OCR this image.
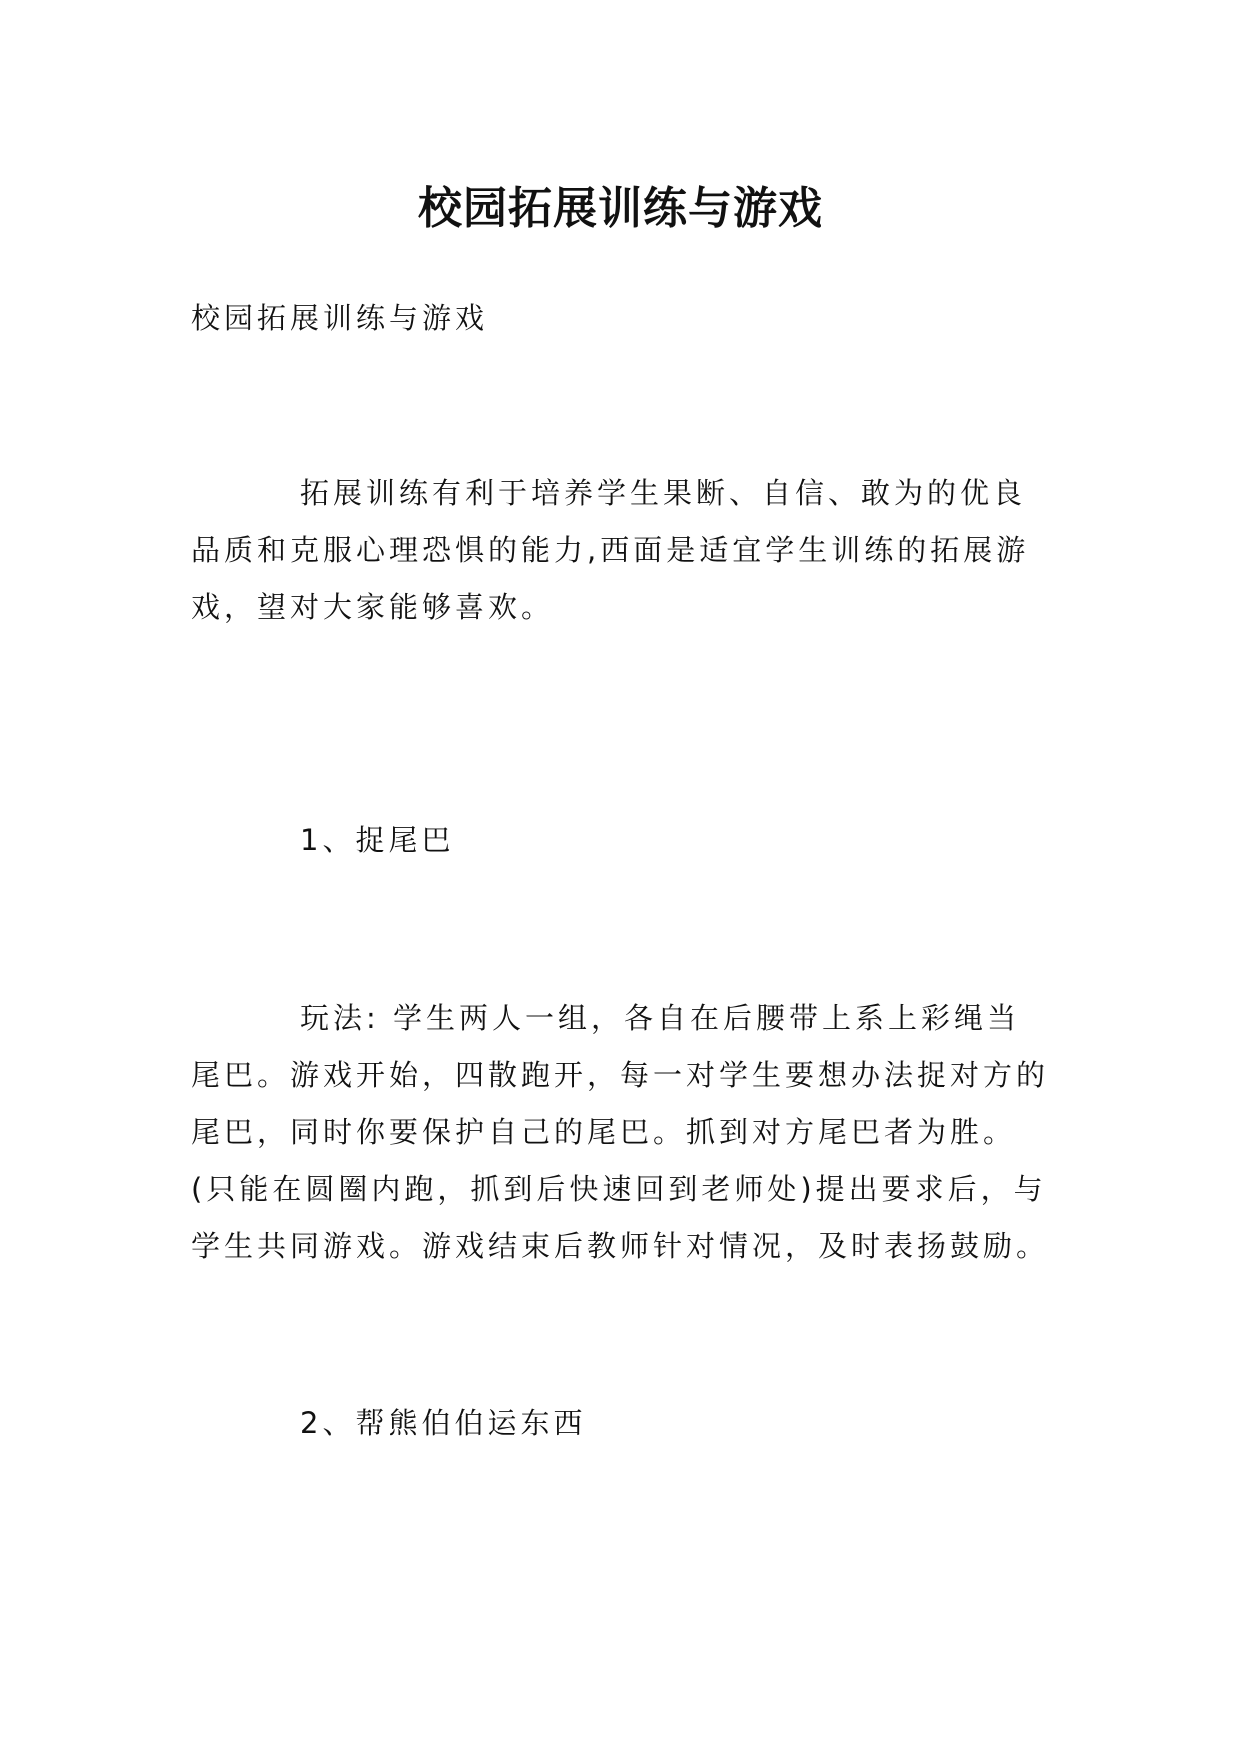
校园拓展训练与游戏

校园拓展训练与游戏

拓展训练有利于培养学生果断、自信、敢为的优良品质和克服心理恐惧的能力,西面是适宜学生训练的拓展游戏，望对大家能够喜欢。

1、捉尾巴

玩法: 学生两人一组，各自在后腰带上系上彩绳当尾巴。游戏开始，四散跑开，每一对学生要想办法捉对方的尾巴，同时你要保护自己的尾巴。抓到对方尾巴者为胜。(只能在圆圈内跑，抓到后快速回到老师处)提出要求后，与学生共同游戏。游戏结束后教师针对情况，及时表扬鼓励。

2、帮熊伯伯运东西
